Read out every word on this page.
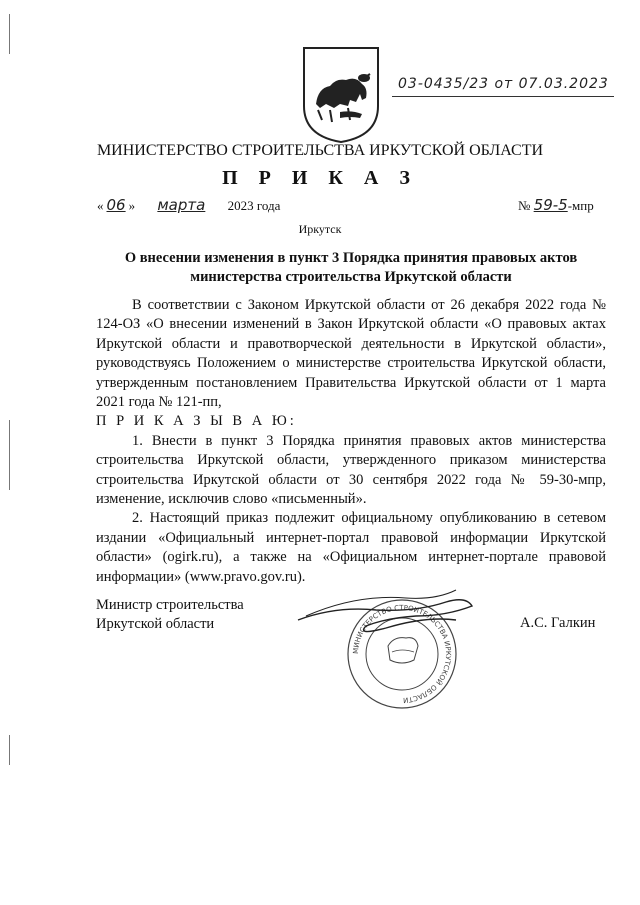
03-0435/23 от 07.03.2023
МИНИСТЕРСТВО СТРОИТЕЛЬСТВА ИРКУТСКОЙ ОБЛАСТИ
П Р И К А З
« 06 » марта 2023 года	№ 59-5-мпр
Иркутск
О внесении изменения в пункт 3 Порядка принятия правовых актов
министерства строительства Иркутской области

В соответствии с Законом Иркутской области от 26 декабря 2022 года № 124-ОЗ «О внесении изменений в Закон Иркутской области «О правовых актах Иркутской области и правотворческой деятельности в Иркутской области», руководствуясь Положением о министерстве строительства Иркутской области, утвержденным постановлением Правительства Иркутской области от 1 марта 2021 года № 121-пп,

П Р И К А З Ы В А Ю:

1. Внести в пункт 3 Порядка принятия правовых актов министерства строительства Иркутской области, утвержденного приказом министерства строительства Иркутской области от 30 сентября 2022 года № 59-30-мпр, изменение, исключив слово «письменный».

2. Настоящий приказ подлежит официальному опубликованию в сетевом издании «Официальный интернет-портал правовой информации Иркутской области» (ogirk.ru), а также на «Официальном интернет-портале правовой информации» (www.pravo.gov.ru).

Министр строительства
Иркутской области	А.С. Галкин
МИНИСТЕРСТВО СТРОИТЕЛЬСТВА ИРКУТСКОЙ ОБЛАСТИ
